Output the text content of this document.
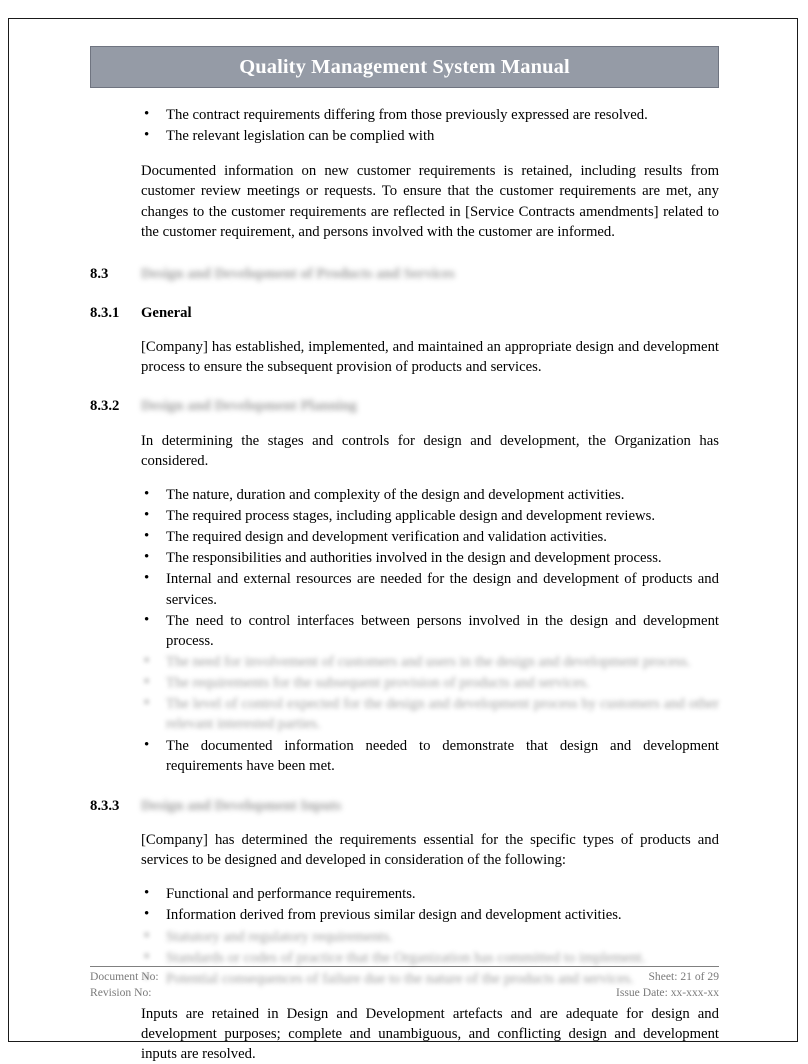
Quality Management System Manual
• The contract requirements differing from those previously expressed are resolved.
• The relevant legislation can be complied with

Documented information on new customer requirements is retained, including results from customer review meetings or requests. To ensure that the customer requirements are met, any changes to the customer requirements are reflected in [Service Contracts amendments] related to the customer requirement, and persons involved with the customer are informed.

8.3	Design and Development of Products and Services
8.3.1	General

[Company] has established, implemented, and maintained an appropriate design and development process to ensure the subsequent provision of products and services.

8.3.2	Design and Development Planning

In determining the stages and controls for design and development, the Organization has considered.

• The nature, duration and complexity of the design and development activities.
• The required process stages, including applicable design and development reviews.
• The required design and development verification and validation activities.
• The responsibilities and authorities involved in the design and development process.
• Internal and external resources are needed for the design and development of products and services.
• The need to control interfaces between persons involved in the design and development process.
• The need for involvement of customers and users in the design and development process.
• The requirements for the subsequent provision of products and services.
• The level of control expected for the design and development process by customers and other relevant interested parties.
• The documented information needed to demonstrate that design and development requirements have been met.
8.3.3	Design and Development Inputs

[Company] has determined the requirements essential for the specific types of products and services to be designed and developed in consideration of the following:

• Functional and performance requirements.
• Information derived from previous similar design and development activities.
• Statutory and regulatory requirements.
• Standards or codes of practice that the Organization has committed to implement.
• Potential consequences of failure due to the nature of the products and services.

Inputs are retained in Design and Development artefacts and are adequate for design and development purposes; complete and unambiguous, and conflicting design and development inputs are resolved.

Document No:
Revision No:
Sheet: 21 of 29
Issue Date: xx-xxx-xx
